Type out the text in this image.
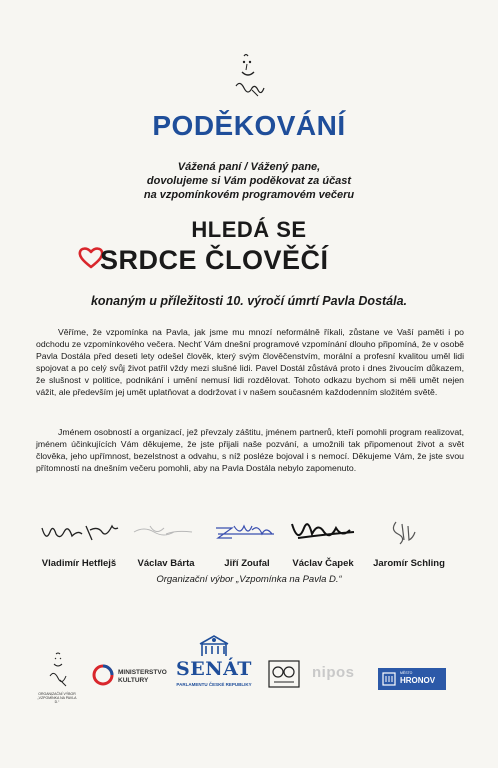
PODĚKOVÁNÍ
Vážená paní / Vážený pane,
dovolujeme si Vám poděkovat za účast
na vzpomínkovém programovém večeru
HLEDÁ SE
SRDCE ČLOVĚČÍ
konaným u příležitosti 10. výročí úmrtí Pavla Dostála.
Věříme, že vzpomínka na Pavla, jak jsme mu mnozí neformálně říkali, zůstane ve Vaší paměti i po odchodu ze vzpomínkového večera. Nechť Vám dnešní programové vzpomínání dlouho připomíná, že v osobě Pavla Dostála před deseti lety odešel člověk, který svým člověčenstvím, morální a profesní kvalitou uměl lidi spojovat a po celý svůj život patřil vždy mezi slušné lidi. Pavel Dostál zůstává proto i dnes živoucím důkazem, že slušnost v politice, podnikání i umění nemusí lidi rozdělovat. Tohoto odkazu bychom si měli umět nejen vážit, ale především jej umět uplatňovat a dodržovat i v našem současném každodenním složitém světě.
Jménem osobností a organizací, jež převzaly záštitu, jménem partnerů, kteří pomohli program realizovat, jménem účinkujících Vám děkujeme, že jste přijali naše pozvání, a umožnili tak připomenout život a svět člověka, jeho upřímnost, bezelstnost a odvahu, s níž posléze bojoval i s nemocí. Děkujeme Vám, že jste svou přítomností na dnešním večeru pomohli, aby na Pavla Dostála nebylo zapomenuto.
Vladimír Hetflejš Václav Bárta	Jiří Zoufal Václav Čapek Jaromír Schling
Organizační výbor „Vzpomínka na Pavla D.“
ORGANIZAČNÍ VÝBOR „VZPOMÍNKA NA PAVLA D.“
MINISTERSTVO
KULTURY	SENÁT
PARLAMENTU ČESKÉ REPUBLIKY
nipos	MĚSTO
HRONOV
